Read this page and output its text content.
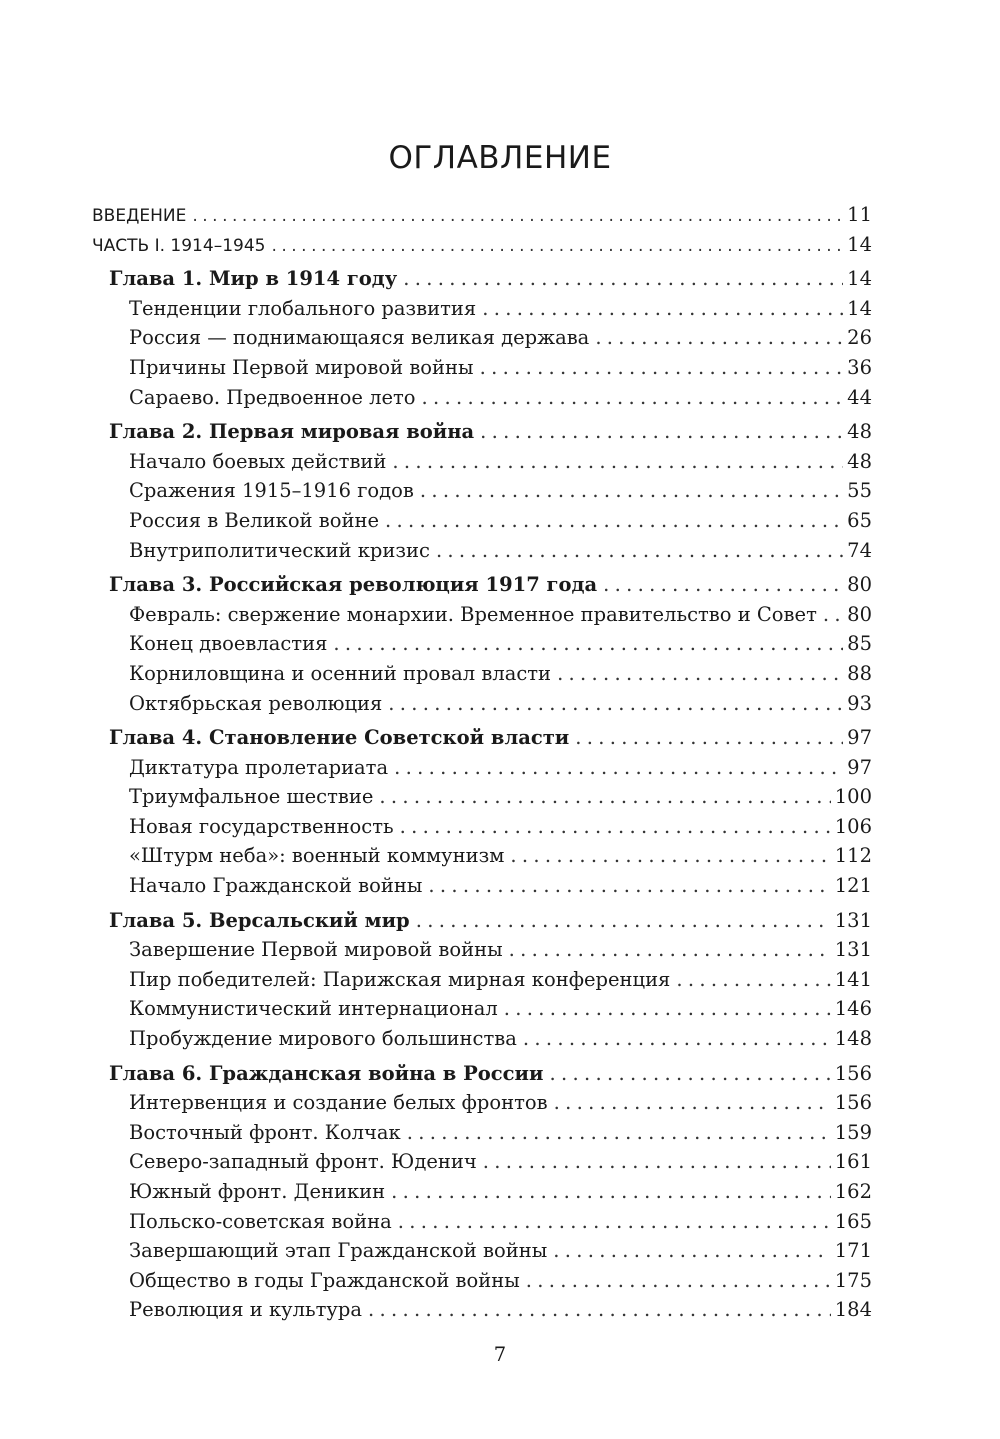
ОГЛАВЛЕНИЕ
ВВЕДЕНИЕ . . .	11
ЧАСТЬ I. 1914–1945 . . .	14
Глава 1. Мир в 1914 году . . .	14
Тенденции глобального развития . . .	14
Россия — поднимающаяся великая держава . . .	26
Причины Первой мировой войны . . .	36
Сараево. Предвоенное лето . . .	44
Глава 2. Первая мировая война . . .	48
Начало боевых действий . . .	48
Сражения 1915–1916 годов . . .	55
Россия в Великой войне . . .	65
Внутриполитический кризис . . .	74
Глава 3. Российская революция 1917 года . . .	80
Февраль: свержение монархии. Временное правительство и Совет . . . 80
Конец двоевластия . . .	85
Корниловщина и осенний провал власти . . .	88
Октябрьская революция . . .	93
Глава 4. Становление Советской власти . . .	97
Диктатура пролетариата . . .	97
Триумфальное шествие . . .	100
Новая государственность . . .	106
«Штурм неба»: военный коммунизм . . .	112
Начало Гражданской войны . . .	121
Глава 5. Версальский мир . . .	131
Завершение Первой мировой войны . . .	131
Пир победителей: Парижская мирная конференция . . .	141
Коммунистический интернационал . . .	146
Пробуждение мирового большинства . . .	148
Глава 6. Гражданская война в России . . .	156
Интервенция и создание белых фронтов . . .	156
Восточный фронт. Колчак . . .	159
Северо-западный фронт. Юденич . . .	161
Южный фронт. Деникин . . .	162
Польско-советская война . . .	165
Завершающий этап Гражданской войны . . .	171
Общество в годы Гражданской войны . . .	175
Революция и культура . . .	184
7
